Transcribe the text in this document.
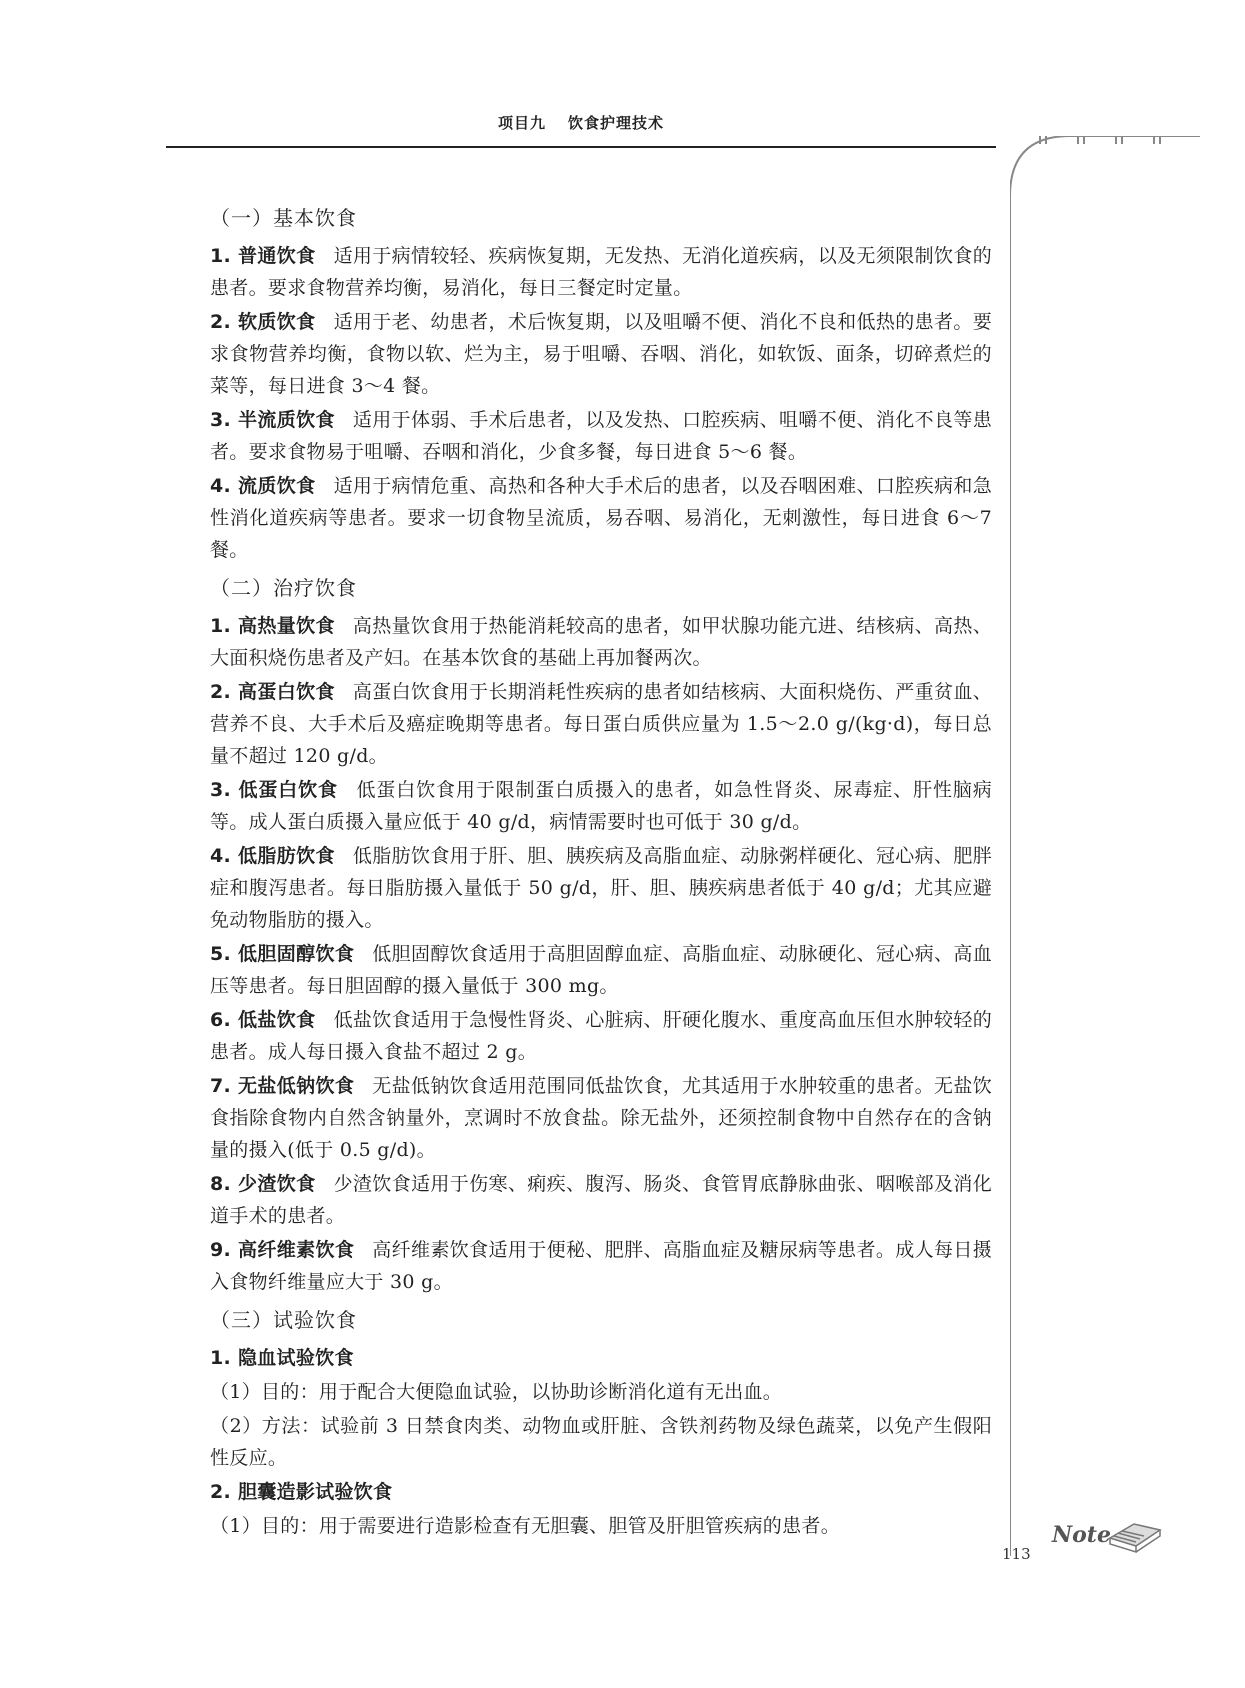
项目九 饮食护理技术
（一）基本饮食

1. 普通饮食 适用于病情较轻、疾病恢复期，无发热、无消化道疾病，以及无须限制饮食的患者。要求食物营养均衡，易消化，每日三餐定时定量。

2. 软质饮食 适用于老、幼患者，术后恢复期，以及咀嚼不便、消化不良和低热的患者。要求食物营养均衡，食物以软、烂为主，易于咀嚼、吞咽、消化，如软饭、面条，切碎煮烂的菜等，每日进食 3～4 餐。

3. 半流质饮食 适用于体弱、手术后患者，以及发热、口腔疾病、咀嚼不便、消化不良等患者。要求食物易于咀嚼、吞咽和消化，少食多餐，每日进食 5～6 餐。

4. 流质饮食 适用于病情危重、高热和各种大手术后的患者，以及吞咽困难、口腔疾病和急性消化道疾病等患者。要求一切食物呈流质，易吞咽、易消化，无刺激性，每日进食 6～7 餐。

（二）治疗饮食

1. 高热量饮食 高热量饮食用于热能消耗较高的患者，如甲状腺功能亢进、结核病、高热、大面积烧伤患者及产妇。在基本饮食的基础上再加餐两次。

2. 高蛋白饮食 高蛋白饮食用于长期消耗性疾病的患者如结核病、大面积烧伤、严重贫血、营养不良、大手术后及癌症晚期等患者。每日蛋白质供应量为 1.5～2.0 g/(kg·d)，每日总量不超过 120 g/d。

3. 低蛋白饮食 低蛋白饮食用于限制蛋白质摄入的患者，如急性肾炎、尿毒症、肝性脑病等。成人蛋白质摄入量应低于 40 g/d，病情需要时也可低于 30 g/d。

4. 低脂肪饮食 低脂肪饮食用于肝、胆、胰疾病及高脂血症、动脉粥样硬化、冠心病、肥胖症和腹泻患者。每日脂肪摄入量低于 50 g/d，肝、胆、胰疾病患者低于 40 g/d；尤其应避免动物脂肪的摄入。

5. 低胆固醇饮食 低胆固醇饮食适用于高胆固醇血症、高脂血症、动脉硬化、冠心病、高血压等患者。每日胆固醇的摄入量低于 300 mg。

6. 低盐饮食 低盐饮食适用于急慢性肾炎、心脏病、肝硬化腹水、重度高血压但水肿较轻的患者。成人每日摄入食盐不超过 2 g。

7. 无盐低钠饮食 无盐低钠饮食适用范围同低盐饮食，尤其适用于水肿较重的患者。无盐饮食指除食物内自然含钠量外，烹调时不放食盐。除无盐外，还须控制食物中自然存在的含钠量的摄入(低于 0.5 g/d)。

8. 少渣饮食 少渣饮食适用于伤寒、痢疾、腹泻、肠炎、食管胃底静脉曲张、咽喉部及消化道手术的患者。

9. 高纤维素饮食 高纤维素饮食适用于便秘、肥胖、高脂血症及糖尿病等患者。成人每日摄入食物纤维量应大于 30 g。

（三）试验饮食

1. 隐血试验饮食

（1）目的：用于配合大便隐血试验，以协助诊断消化道有无出血。

（2）方法：试验前 3 日禁食肉类、动物血或肝脏、含铁剂药物及绿色蔬菜，以免产生假阳性反应。

2. 胆囊造影试验饮食

（1）目的：用于需要进行造影检查有无胆囊、胆管及肝胆管疾病的患者。	Note
113
